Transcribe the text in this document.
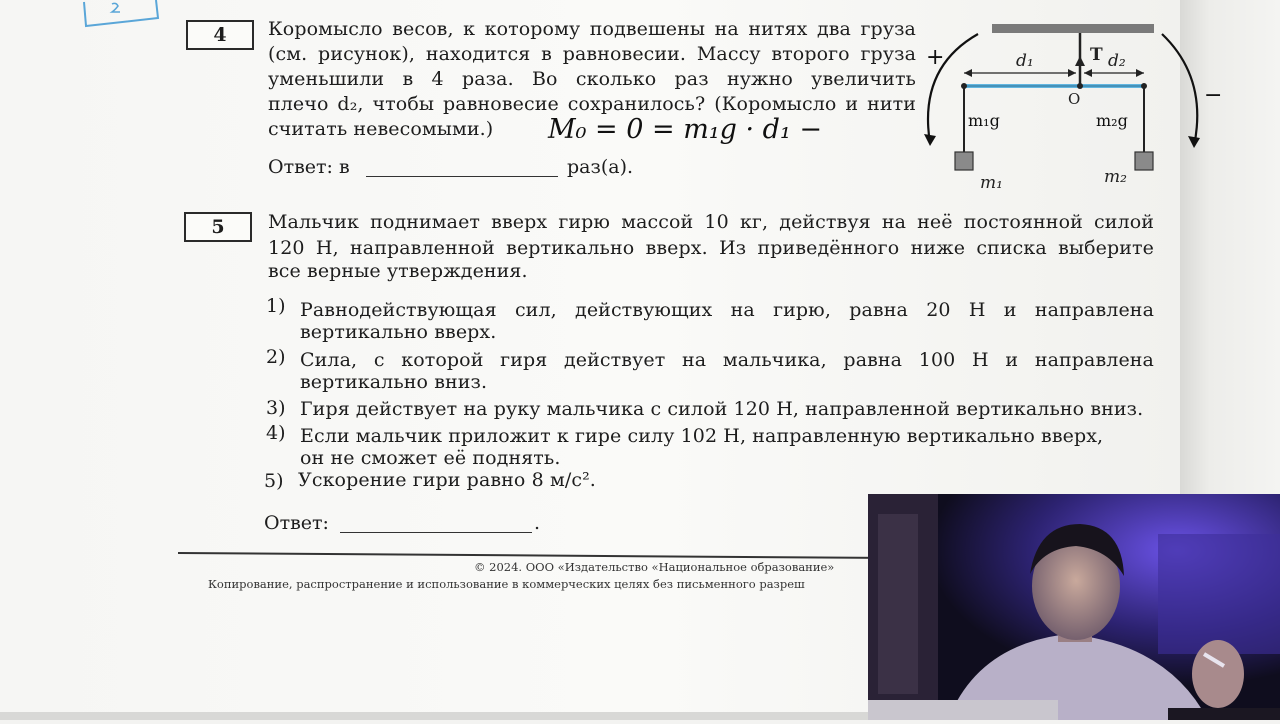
4	Коромысло весов, к которому подвешены на нитях два груза
(см. рисунок), находится в равновесии. Массу второго груза
уменьшили в 4 раза. Во сколько раз нужно увеличить
плечо d₂, чтобы равновесие сохранилось? (Коромысло и нити
считать невесомыми.)
Ответ: в	раз(а).
M₀ = 0 = m₁g · d₁ −
T
d₁	d₂
O
m₁	m₂
m₁g	m₂g
+
−
5	Мальчик поднимает вверх гирю массой 10 кг, действуя на неё постоянной силой
120 Н, направленной вертикально вверх. Из приведённого ниже списка выберите
все верные утверждения.
1) Равнодействующая сил, действующих на гирю, равна 20 Н и направлена
вертикально вверх.
2) Сила, с которой гиря действует на мальчика, равна 100 Н и направлена
вертикально вниз.
3) Гиря действует на руку мальчика с силой 120 Н, направленной вертикально вниз.
4) Если мальчик приложит к гире силу 102 Н, направленную вертикально вверх,
он не сможет её поднять.
5) Ускорение гири равно 8 м/с².
Ответ:	.
© 2024. ООО «Издательство «Национальное образование»
Копирование, распространение и использование в коммерческих целях без письменного разреш
